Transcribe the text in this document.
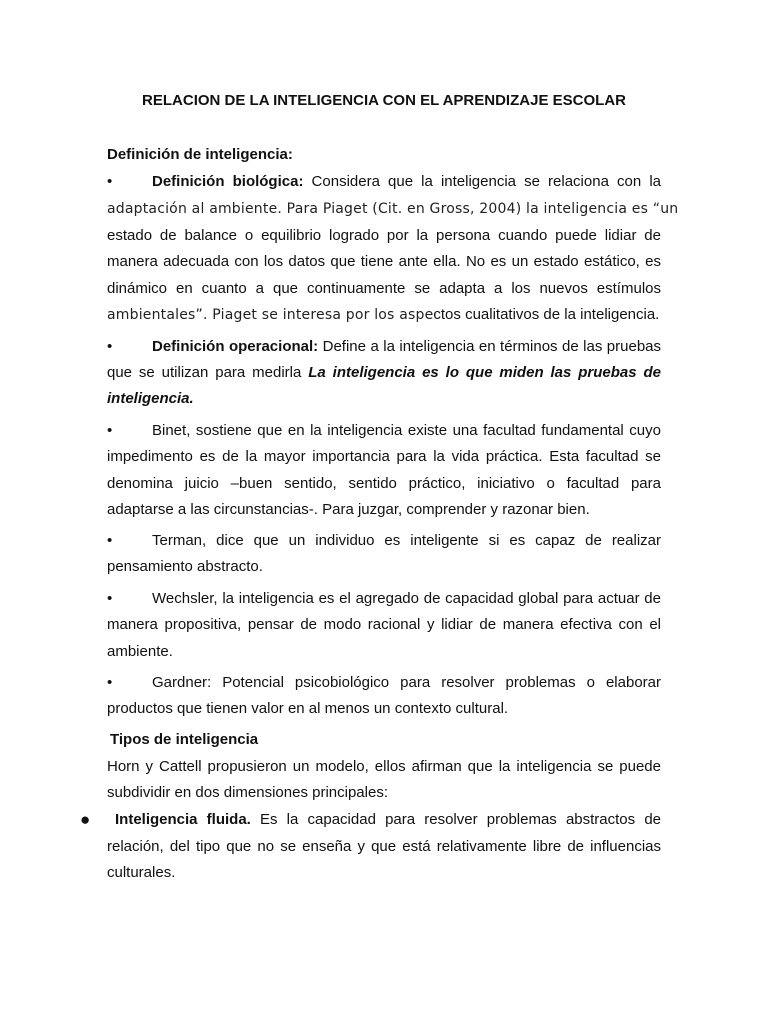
RELACION DE LA INTELIGENCIA CON EL APRENDIZAJE ESCOLAR
Definición de inteligencia:
•	Definición biológica: Considera que la inteligencia se relaciona con la
adaptación al ambiente. Para Piaget (Cit. en Gross, 2004) la inteligencia es “un
estado de balance o equilibrio logrado por la persona cuando puede lidiar de
manera adecuada con los datos que tiene ante ella. No es un estado estático, es
dinámico en cuanto a que continuamente se adapta a los nuevos estímulos
ambientales”. Piaget se interesa por los aspectos cualitativos de la inteligencia.
•	Definición operacional: Define a la inteligencia en términos de las pruebas
que se utilizan para medirla La inteligencia es lo que miden las pruebas de
inteligencia.
•	Binet, sostiene que en la inteligencia existe una facultad fundamental cuyo
impedimento es de la mayor importancia para la vida práctica. Esta facultad se
denomina juicio –buen sentido, sentido práctico, iniciativo o facultad para
adaptarse a las circunstancias-. Para juzgar, comprender y razonar bien.
•	Terman, dice que un individuo es inteligente si es capaz de realizar
pensamiento abstracto.
•	Wechsler, la inteligencia es el agregado de capacidad global para actuar de
manera propositiva, pensar de modo racional y lidiar de manera efectiva con el
ambiente.
•	Gardner: Potencial psicobiológico para resolver problemas o elaborar
productos que tienen valor en al menos un contexto cultural.
Tipos de inteligencia
Horn y Cattell propusieron un modelo, ellos afirman que la inteligencia se puede
subdividir en dos dimensiones principales:
● Inteligencia fluida. Es la capacidad para resolver problemas abstractos de
relación, del tipo que no se enseña y que está relativamente libre de influencias
culturales.
